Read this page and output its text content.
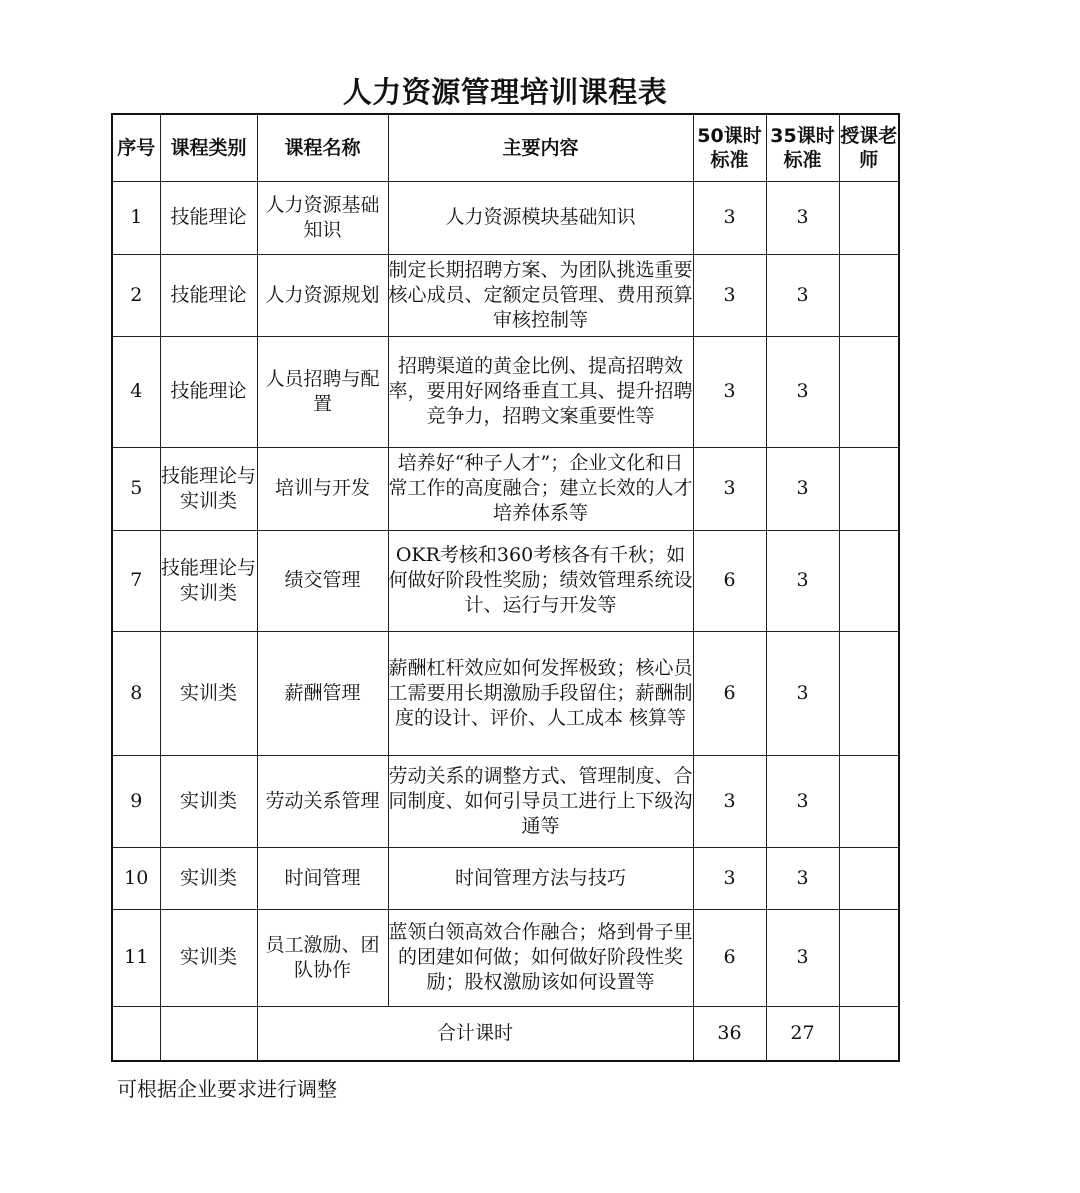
人力资源管理培训课程表
序号	课程类别	课程名称	主要内容	50课时标准	35课时标准	授课老师
1	技能理论	人力资源基础知识	人力资源模块基础知识	3	3	
2	技能理论	人力资源规划	制定长期招聘方案、为团队挑选重要核心成员、定额定员管理、费用预算审核控制等	3	3	
4	技能理论	人员招聘与配置	招聘渠道的黄金比例、提高招聘效率，要用好网络垂直工具、提升招聘竞争力，招聘文案重要性等	3	3	
5	技能理论与实训类	培训与开发	培养好“种子人才”；企业文化和日常工作的高度融合；建立长效的人才培养体系等	3	3	
7	技能理论与实训类	绩交管理	OKR考核和360考核各有千秋；如何做好阶段性奖励；绩效管理系统设计、运行与开发等	6	3	
8	实训类	薪酬管理	薪酬杠杆效应如何发挥极致；核心员工需要用长期激励手段留住；薪酬制度的设计、评价、人工成本 核算等	6	3	
9	实训类	劳动关系管理	劳动关系的调整方式、管理制度、合同制度、如何引导员工进行上下级沟通等	3	3	
10	实训类	时间管理	时间管理方法与技巧	3	3	
11	实训类	员工激励、团队协作	蓝领白领高效合作融合；烙到骨子里的团建如何做；如何做好阶段性奖励；股权激励该如何设置等	6	3	
		合计课时		36	27	
可根据企业要求进行调整
